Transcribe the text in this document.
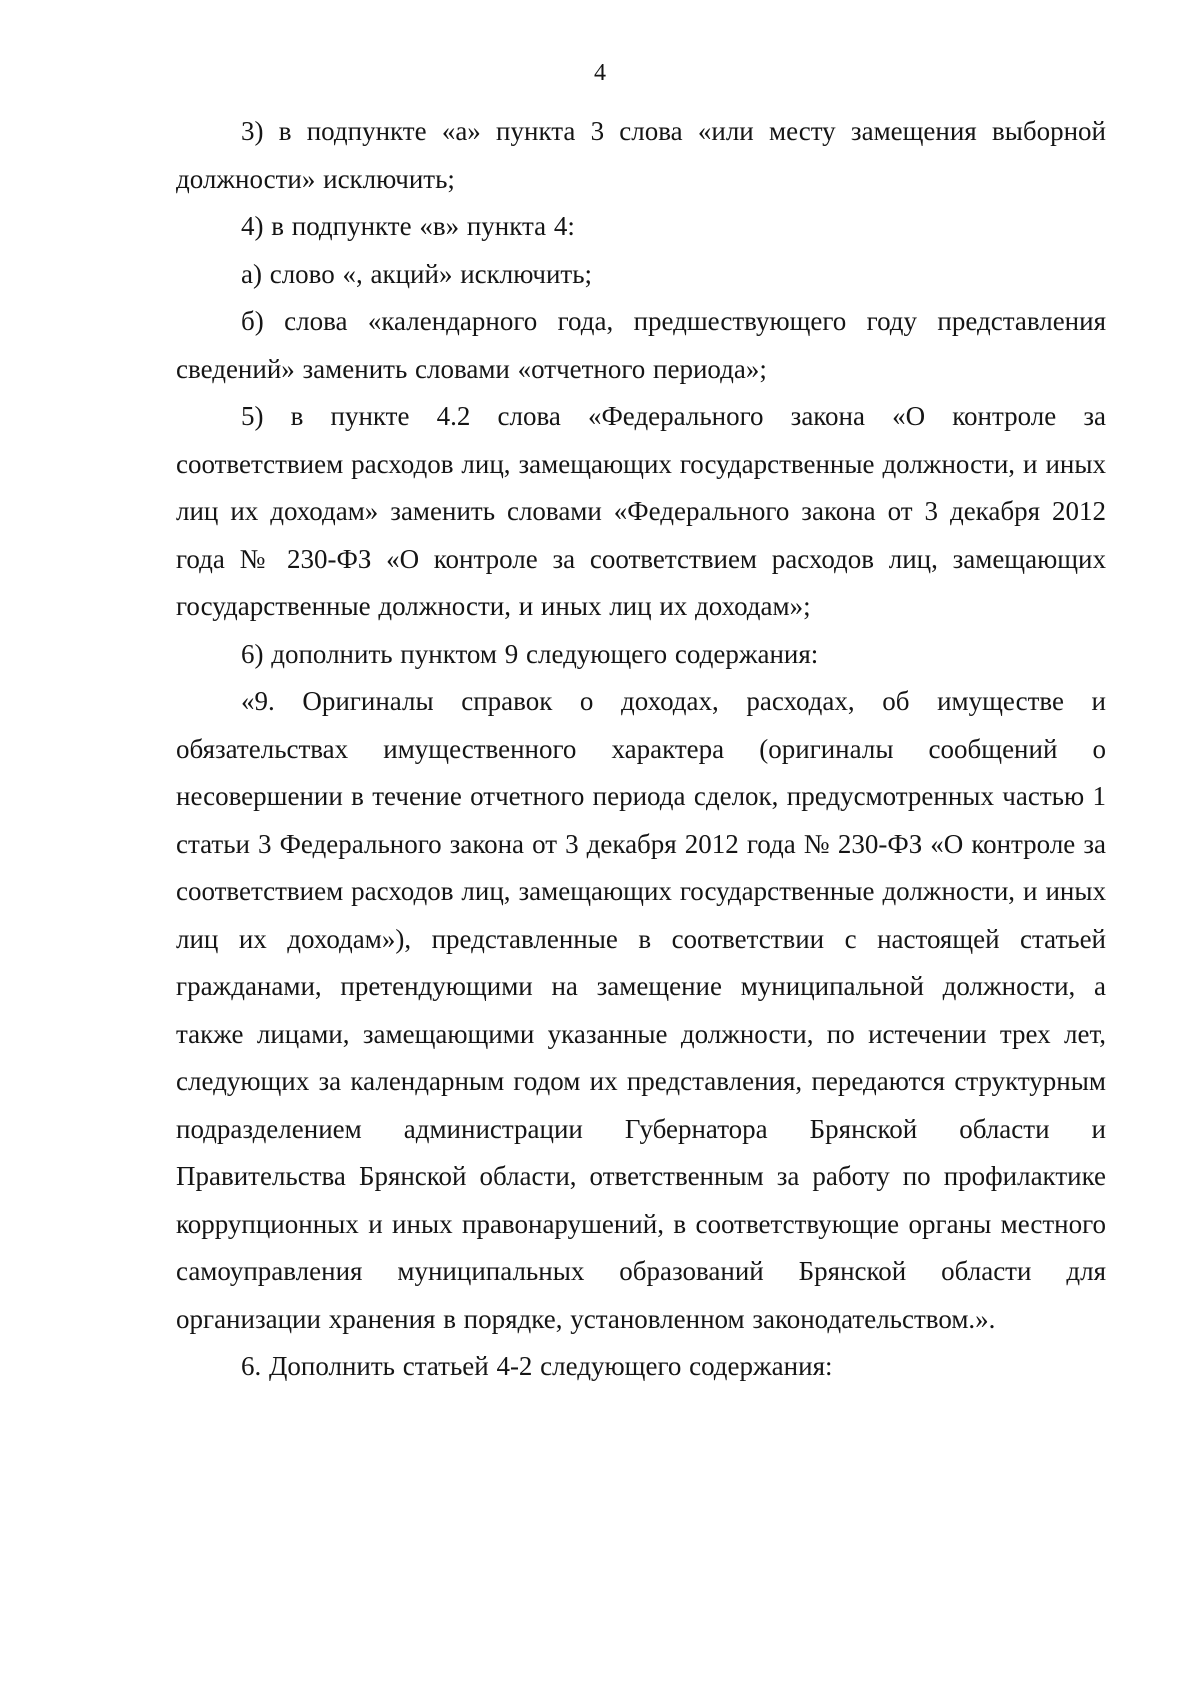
4

3) в подпункте «а» пункта 3 слова «или месту замещения выборной должности» исключить;

4) в подпункте «в» пункта 4:

а) слово «, акций» исключить;

б) слова «календарного года, предшествующего году представления сведений» заменить словами «отчетного периода»;

5) в пункте 4.2 слова «Федерального закона «О контроле за соответствием расходов лиц, замещающих государственные должности, и иных лиц их доходам» заменить словами «Федерального закона от 3 декабря 2012 года № 230-ФЗ «О контроле за соответствием расходов лиц, замещающих государственные должности, и иных лиц их доходам»;

6) дополнить пунктом 9 следующего содержания:

«9. Оригиналы справок о доходах, расходах, об имуществе и обязательствах имущественного характера (оригиналы сообщений о несовершении в течение отчетного периода сделок, предусмотренных частью 1 статьи 3 Федерального закона от 3 декабря 2012 года № 230-ФЗ «О контроле за соответствием расходов лиц, замещающих государственные должности, и иных лиц их доходам»), представленные в соответствии с настоящей статьей гражданами, претендующими на замещение муниципальной должности, а также лицами, замещающими указанные должности, по истечении трех лет, следующих за календарным годом их представления, передаются структурным подразделением администрации Губернатора Брянской области и Правительства Брянской области, ответственным за работу по профилактике коррупционных и иных правонарушений, в соответствующие органы местного самоуправления муниципальных образований Брянской области для организации хранения в порядке, установленном законодательством.».

6. Дополнить статьей 4-2 следующего содержания:
